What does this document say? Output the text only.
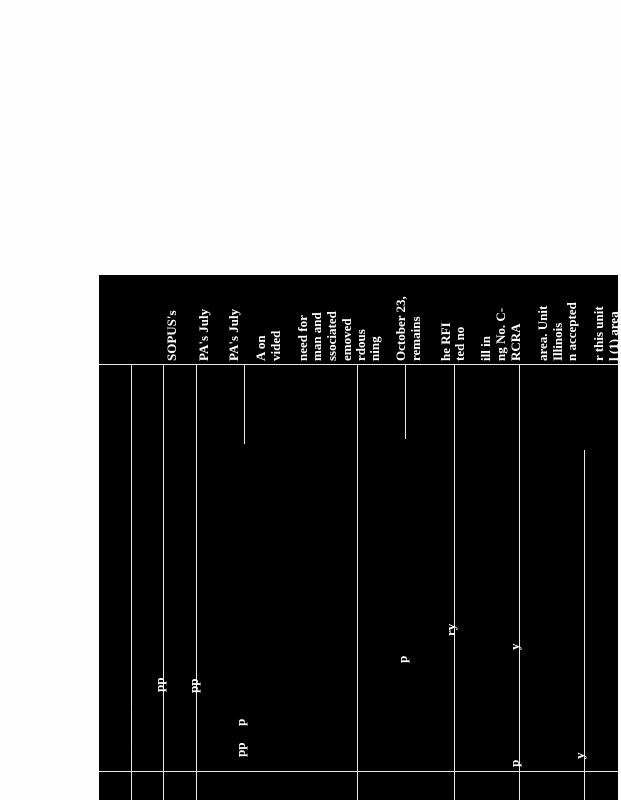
SOPUS's PA's July PA's July A on vided need for man and ssociated emoved rdous ning October 23, remains he RFI ted no ill in ng No. C- RCRA area. Unit Illinois n accepted r this unit l (1) area
pp pp
p
pp
p
ry
y
p
y
